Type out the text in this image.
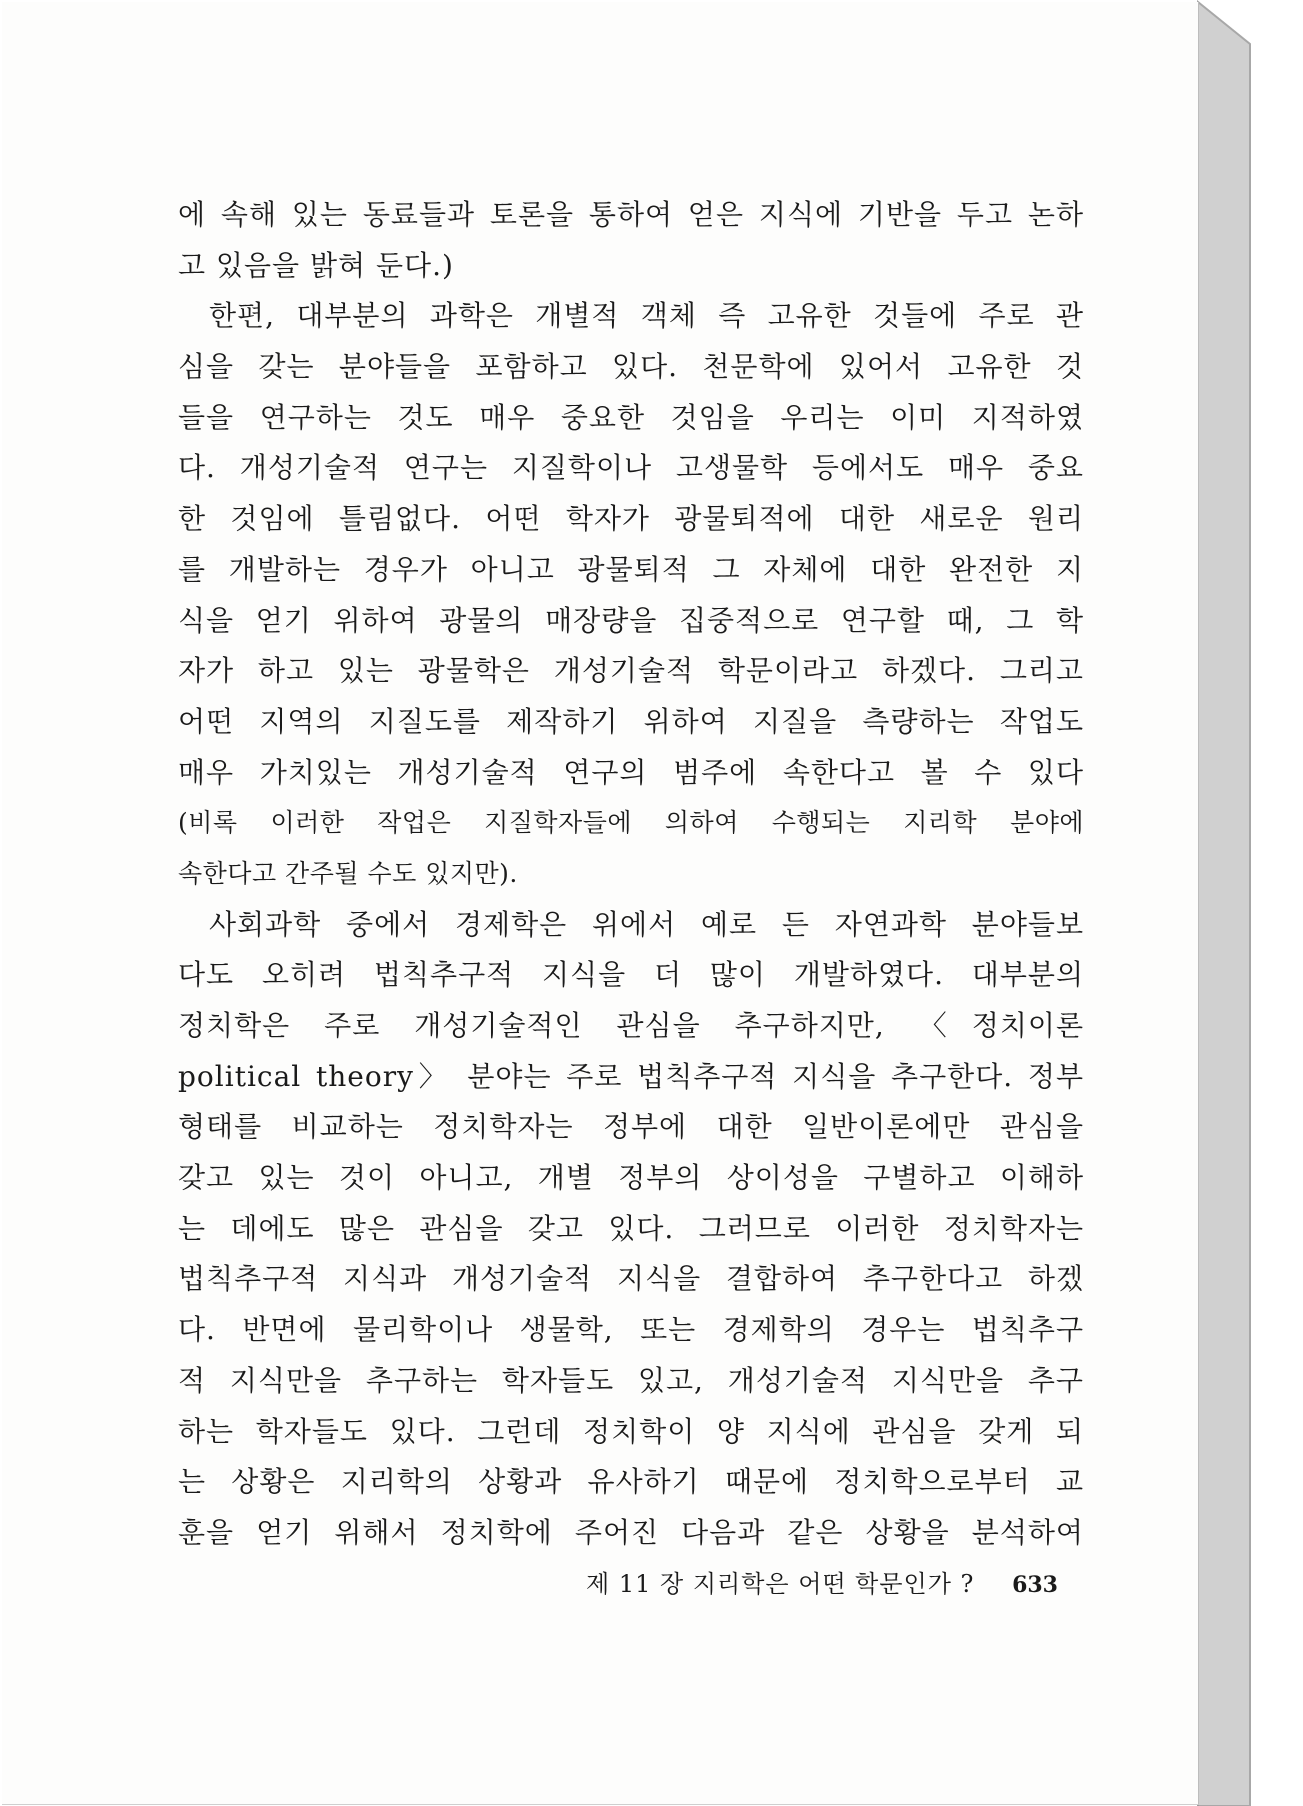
에 속해 있는 동료들과 토론을 통하여 얻은 지식에 기반을 두고 논하
고 있음을 밝혀 둔다.)
한편, 대부분의 과학은 개별적 객체 즉 고유한 것들에 주로 관
심을 갖는 분야들을 포함하고 있다. 천문학에 있어서 고유한 것
들을 연구하는 것도 매우 중요한 것임을 우리는 이미 지적하였
다. 개성기술적 연구는 지질학이나 고생물학 등에서도 매우 중요
한 것임에 틀림없다. 어떤 학자가 광물퇴적에 대한 새로운 원리
를 개발하는 경우가 아니고 광물퇴적 그 자체에 대한 완전한 지
식을 얻기 위하여 광물의 매장량을 집중적으로 연구할 때, 그 학
자가 하고 있는 광물학은 개성기술적 학문이라고 하겠다. 그리고
어떤 지역의 지질도를 제작하기 위하여 지질을 측량하는 작업도
매우 가치있는 개성기술적 연구의 범주에 속한다고 볼 수 있다
(비록 이러한 작업은 지질학자들에 의하여 수행되는 지리학 분야에
속한다고 간주될 수도 있지만).
사회과학 중에서 경제학은 위에서 예로 든 자연과학 분야들보
다도 오히려 법칙추구적 지식을 더 많이 개발하였다. 대부분의
정치학은 주로 개성기술적인 관심을 추구하지만, 〈정치이론
political theory〉 분야는 주로 법칙추구적 지식을 추구한다. 정부
형태를 비교하는 정치학자는 정부에 대한 일반이론에만 관심을
갖고 있는 것이 아니고, 개별 정부의 상이성을 구별하고 이해하
는 데에도 많은 관심을 갖고 있다. 그러므로 이러한 정치학자는
법칙추구적 지식과 개성기술적 지식을 결합하여 추구한다고 하겠
다. 반면에 물리학이나 생물학, 또는 경제학의 경우는 법칙추구
적 지식만을 추구하는 학자들도 있고, 개성기술적 지식만을 추구
하는 학자들도 있다. 그런데 정치학이 양 지식에 관심을 갖게 되
는 상황은 지리학의 상황과 유사하기 때문에 정치학으로부터 교
훈을 얻기 위해서 정치학에 주어진 다음과 같은 상황을 분석하여
제 11 장 지리학은 어떤 학문인가 ? 633
